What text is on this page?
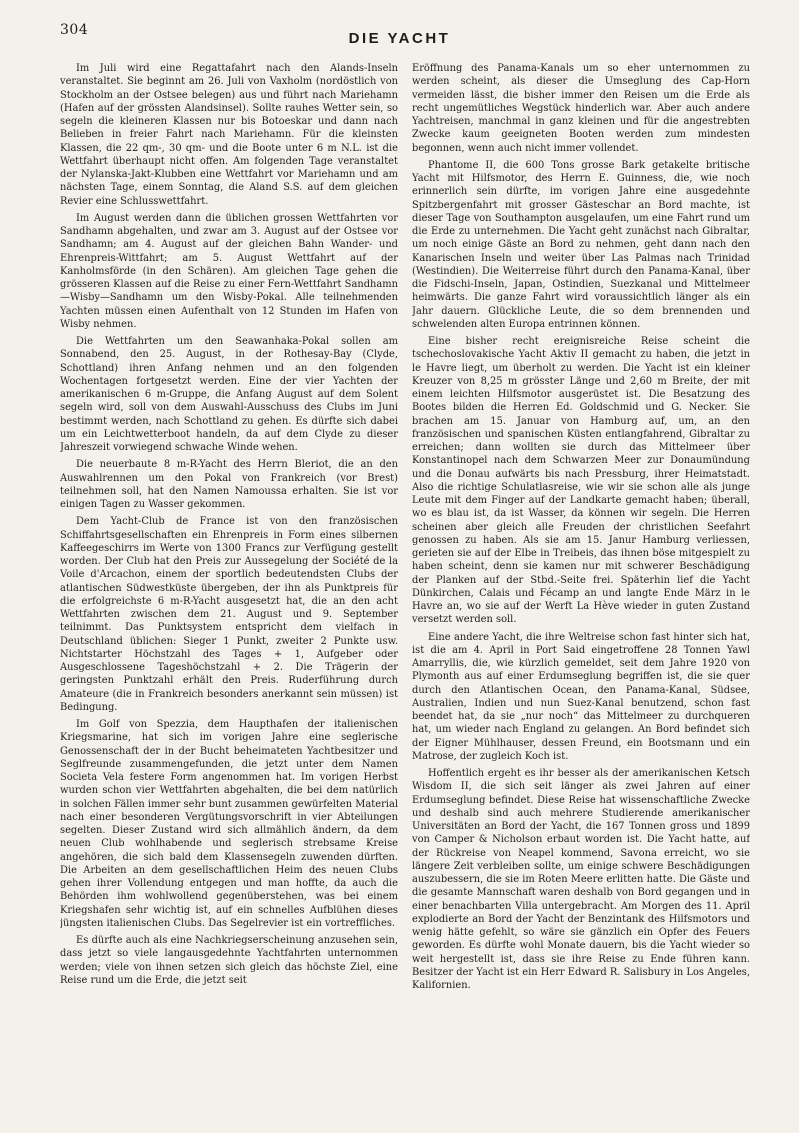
304	DIE YACHT

Im Juli wird eine Regattafahrt nach den Alands-Inseln veranstaltet. Sie beginnt am 26. Juli von Vaxholm (nordöstlich von Stockholm an der Ostsee belegen) aus und führt nach Mariehamn (Hafen auf der grössten Alandsinsel). Sollte rauhes Wetter sein, so segeln die kleineren Klassen nur bis Botoeskar und dann nach Belieben in freier Fahrt nach Mariehamn. Für die kleinsten Klassen, die 22 qm-, 30 qm- und die Boote unter 6 m N.L. ist die Wettfahrt überhaupt nicht offen. Am folgenden Tage veranstaltet der Nylanska-Jakt-Klubben eine Wettfahrt vor Mariehamn und am nächsten Tage, einem Sonntag, die Aland S.S. auf dem gleichen Revier eine Schlusswettfahrt.

Im August werden dann die üblichen grossen Wettfahrten vor Sandhamn abgehalten, und zwar am 3. August auf der Ostsee vor Sandhamn; am 4. August auf der gleichen Bahn Wander- und Ehrenpreis-Wittfahrt; am 5. August Wettfahrt auf der Kanholmsförde (in den Schären). Am gleichen Tage gehen die grösseren Klassen auf die Reise zu einer Fern-Wettfahrt Sandhamn—Wisby—Sandhamn um den Wisby-Pokal. Alle teilnehmenden Yachten müssen einen Aufenthalt von 12 Stunden im Hafen von Wisby nehmen.

Die Wettfahrten um den Seawanhaka-Pokal sollen am Sonnabend, den 25. August, in der Rothesay-Bay (Clyde, Schottland) ihren Anfang nehmen und an den folgenden Wochentagen fortgesetzt werden. Eine der vier Yachten der amerikanischen 6 m-Gruppe, die Anfang August auf dem Solent segeln wird, soll von dem Auswahl-Ausschuss des Clubs im Juni bestimmt werden, nach Schottland zu gehen. Es dürfte sich dabei um ein Leichtwetterboot handeln, da auf dem Clyde zu dieser Jahreszeit vorwiegend schwache Winde wehen.

Die neuerbaute 8 m-R-Yacht des Herrn Bleriot, die an den Auswahlrennen um den Pokal von Frankreich (vor Brest) teilnehmen soll, hat den Namen Namoussa erhalten. Sie ist vor einigen Tagen zu Wasser gekommen.

Dem Yacht-Club de France ist von den französischen Schiffahrtsgesellschaften ein Ehrenpreis in Form eines silbernen Kaffeegeschirrs im Werte von 1300 Francs zur Verfügung gestellt worden. Der Club hat den Preis zur Aussegelung der Société de la Voile d'Arcachon, einem der sportlich bedeutendsten Clubs der atlantischen Südwestküste übergeben, der ihn als Punktpreis für die erfolgreichste 6 m-R-Yacht ausgesetzt hat, die an den acht Wettfahrten zwischen dem 21. August und 9. September teilnimmt. Das Punktsystem entspricht dem vielfach in Deutschland üblichen: Sieger 1 Punkt, zweiter 2 Punkte usw. Nichtstarter Höchstzahl des Tages + 1, Aufgeber oder Ausgeschlossene Tageshöchstzahl + 2. Die Trägerin der geringsten Punktzahl erhält den Preis. Ruderführung durch Amateure (die in Frankreich besonders anerkannt sein müssen) ist Bedingung.

Im Golf von Spezzia, dem Haupthafen der italienischen Kriegsmarine, hat sich im vorigen Jahre eine seglerische Genossenschaft der in der Bucht beheimateten Yachtbesitzer und Seglfreunde zusammengefunden, die jetzt unter dem Namen Societa Vela festere Form angenommen hat. Im vorigen Herbst wurden schon vier Wettfahrten abgehalten, die bei dem natürlich in solchen Fällen immer sehr bunt zusammen gewürfelten Material nach einer besonderen Vergütungsvorschrift in vier Abteilungen segelten. Dieser Zustand wird sich allmählich ändern, da dem neuen Club wohlhabende und seglerisch strebsame Kreise angehören, die sich bald dem Klassensegeln zuwenden dürften. Die Arbeiten an dem gesellschaftlichen Heim des neuen Clubs gehen ihrer Vollendung entgegen und man hoffte, da auch die Behörden ihm wohlwollend gegenüberstehen, was bei einem Kriegshafen sehr wichtig ist, auf ein schnelles Aufblühen dieses jüngsten italienischen Clubs. Das Segelrevier ist ein vortreffliches.

Es dürfte auch als eine Nachkriegserscheinung anzusehen sein, dass jetzt so viele langausgedehnte Yachtfahrten unternommen werden; viele von ihnen setzen sich gleich das höchste Ziel, eine Reise rund um die Erde, die jetzt seit

Eröffnung des Panama-Kanals um so eher unternommen zu werden scheint, als dieser die Umseglung des Cap-Horn vermeiden lässt, die bisher immer den Reisen um die Erde als recht ungemütliches Wegstück hinderlich war. Aber auch andere Yachtreisen, manchmal in ganz kleinen und für die angestrebten Zwecke kaum geeigneten Booten werden zum mindesten begonnen, wenn auch nicht immer vollendet.

Phantome II, die 600 Tons grosse Bark getakelte britische Yacht mit Hilfsmotor, des Herrn E. Guinness, die, wie noch erinnerlich sein dürfte, im vorigen Jahre eine ausgedehnte Spitzbergenfahrt mit grosser Gästeschar an Bord machte, ist dieser Tage von Southampton ausgelaufen, um eine Fahrt rund um die Erde zu unternehmen. Die Yacht geht zunächst nach Gibraltar, um noch einige Gäste an Bord zu nehmen, geht dann nach den Kanarischen Inseln und weiter über Las Palmas nach Trinidad (Westindien). Die Weiterreise führt durch den Panama-Kanal, über die Fidschi-Inseln, Japan, Ostindien, Suezkanal und Mittelmeer heimwärts. Die ganze Fahrt wird voraussichtlich länger als ein Jahr dauern. Glückliche Leute, die so dem brennenden und schwelenden alten Europa entrinnen können.

Eine bisher recht ereignisreiche Reise scheint die tschechoslovakische Yacht Aktiv II gemacht zu haben, die jetzt in le Havre liegt, um überholt zu werden. Die Yacht ist ein kleiner Kreuzer von 8,25 m grösster Länge und 2,60 m Breite, der mit einem leichten Hilfsmotor ausgerüstet ist. Die Besatzung des Bootes bilden die Herren Ed. Goldschmid und G. Necker. Sie brachen am 15. Januar von Hamburg auf, um, an den französischen und spanischen Küsten entlangfahrend, Gibraltar zu erreichen; dann wollten sie durch das Mittelmeer über Konstantinopel nach dem Schwarzen Meer zur Donaumündung und die Donau aufwärts bis nach Pressburg, ihrer Heimatstadt. Also die richtige Schulatlasreise, wie wir sie schon alle als junge Leute mit dem Finger auf der Landkarte gemacht haben; überall, wo es blau ist, da ist Wasser, da können wir segeln. Die Herren scheinen aber gleich alle Freuden der christlichen Seefahrt genossen zu haben. Als sie am 15. Janur Hamburg verliessen, gerieten sie auf der Elbe in Treibeis, das ihnen böse mitgespielt zu haben scheint, denn sie kamen nur mit schwerer Beschädigung der Planken auf der Stbd.-Seite frei. Späterhin lief die Yacht Dünkirchen, Calais und Fécamp an und langte Ende März in le Havre an, wo sie auf der Werft La Hève wieder in guten Zustand versetzt werden soll.

Eine andere Yacht, die ihre Weltreise schon fast hinter sich hat, ist die am 4. April in Port Said eingetroffene 28 Tonnen Yawl Amarryllis, die, wie kürzlich gemeldet, seit dem Jahre 1920 von Plymonth aus auf einer Erdumseglung begriffen ist, die sie quer durch den Atlantischen Ocean, den Panama-Kanal, Südsee, Australien, Indien und nun Suez-Kanal benutzend, schon fast beendet hat, da sie „nur noch“ das Mittelmeer zu durchqueren hat, um wieder nach England zu gelangen. An Bord befindet sich der Eigner Mühlhauser, dessen Freund, ein Bootsmann und ein Matrose, der zugleich Koch ist.

Hoffentlich ergeht es ihr besser als der amerikanischen Ketsch Wisdom II, die sich seit länger als zwei Jahren auf einer Erdumseglung befindet. Diese Reise hat wissenschaftliche Zwecke und deshalb sind auch mehrere Studierende amerikanischer Universitäten an Bord der Yacht, die 167 Tonnen gross und 1899 von Camper & Nicholson erbaut worden ist. Die Yacht hatte, auf der Rückreise von Neapel kommend, Savona erreicht, wo sie längere Zeit verbleiben sollte, um einige schwere Beschädigungen auszubessern, die sie im Roten Meere erlitten hatte. Die Gäste und die gesamte Mannschaft waren deshalb von Bord gegangen und in einer benachbarten Villa untergebracht. Am Morgen des 11. April explodierte an Bord der Yacht der Benzintank des Hilfsmotors und wenig hätte gefehlt, so wäre sie gänzlich ein Opfer des Feuers geworden. Es dürfte wohl Monate dauern, bis die Yacht wieder so weit hergestellt ist, dass sie ihre Reise zu Ende führen kann. Besitzer der Yacht ist ein Herr Edward R. Salisbury in Los Angeles, Kalifornien.
